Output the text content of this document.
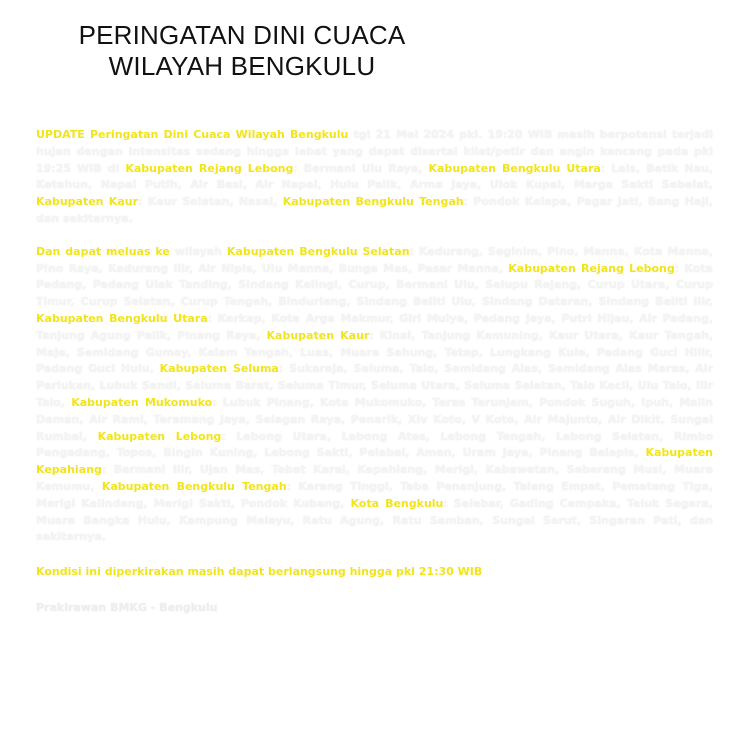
PERINGATAN DINI CUACA
WILAYAH BENGKULU

UPDATE Peringatan Dini Cuaca Wilayah Bengkulu tgl 21 Mei 2024 pkl. 19:20 WIB masih berpotensi terjadi hujan dengan intensitas sedang hingga lebat yang dapat disertai kilat/petir dan angin kencang pada pkl 19:25 WIB di Kabupaten Rejang Lebong: Bermani Ulu Raya, Kabupaten Bengkulu Utara: Lais, Batik Nau, Ketahun, Napal Putih, Air Besi, Air Napal, Hulu Palik, Arma Jaya, Ulok Kupai, Marga Sakti Sebelat, Kabupaten Kaur: Kaur Selatan, Nasal, Kabupaten Bengkulu Tengah: Pondok Kelapa, Pagar Jati, Bang Haji, dan sekitarnya.

Dan dapat meluas ke wilayah Kabupaten Bengkulu Selatan: Kedurang, Seginim, Pino, Manna, Kota Manna, Pino Raya, Kedurang Ilir, Air Nipis, Ulu Manna, Bunga Mas, Pasar Manna, Kabupaten Rejang Lebong: Kota Padang, Padang Ulak Tanding, Sindang Kelingi, Curup, Bermani Ulu, Selupu Rejang, Curup Utara, Curup Timur, Curup Selatan, Curup Tengah, Binduriang, Sindang Beliti Ulu, Sindang Dataran, Sindang Beliti Ilir, Kabupaten Bengkulu Utara: Kerkap, Kota Arga Makmur, Giri Mulya, Padang Jaya, Putri Hijau, Air Padang, Tanjung Agung Palik, Pinang Raya, Kabupaten Kaur: Kinal, Tanjung Kemuning, Kaur Utara, Kaur Tengah, Maje, Semidang Gumay, Kelam Tengah, Luas, Muara Sahung, Tetap, Lungkang Kule, Padang Guci Hilir, Padang Guci Hulu, Kabupaten Seluma: Sukaraja, Seluma, Talo, Semidang Alas, Semidang Alas Maras, Air Periukan, Lubuk Sandi, Seluma Barat, Seluma Timur, Seluma Utara, Seluma Selatan, Talo Kecil, Ulu Talo, Ilir Talo, Kabupaten Mukomuko: Lubuk Pinang, Kota Mukomuko, Teras Terunjam, Pondok Suguh, Ipuh, Malin Deman, Air Rami, Teramang Jaya, Selagan Raya, Penarik, Xiv Koto, V Koto, Air Majunto, Air Dikit, Sungai Rumbai, Kabupaten Lebong: Lebong Utara, Lebong Atas, Lebong Tengah, Lebong Selatan, Rimbo Pengadang, Topos, Bingin Kuning, Lebong Sakti, Pelabai, Amen, Uram Jaya, Pinang Belapis, Kabupaten Kepahiang: Bermani Ilir, Ujan Mas, Tebat Karai, Kepahiang, Merigi, Kabawetan, Seberang Musi, Muara Kemumu, Kabupaten Bengkulu Tengah: Karang Tinggi, Taba Penanjung, Talang Empat, Pematang Tiga, Merigi Kelindang, Merigi Sakti, Pondok Kubang, Kota Bengkulu: Selebar, Gading Cempaka, Teluk Segara, Muara Bangka Hulu, Kampung Melayu, Ratu Agung, Ratu Samban, Sungai Serut, Singaran Pati, dan sekitarnya.

Kondisi ini diperkirakan masih dapat berlangsung hingga pkl 21:30 WIB

Prakirawan BMKG - Bengkulu
